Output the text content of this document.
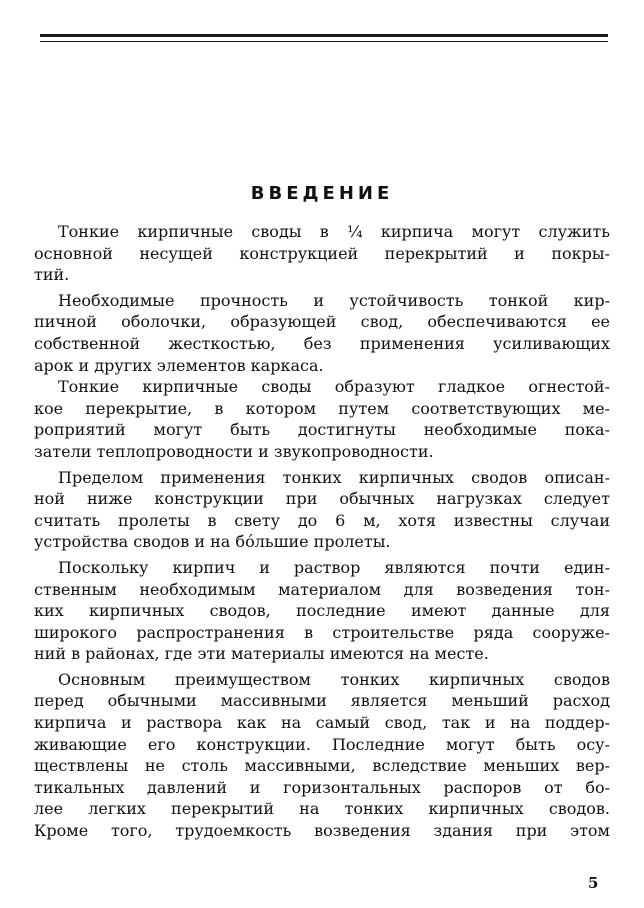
ВВЕДЕНИЕ
Тонкие кирпичные своды в ¼ кирпича могут служить
основной несущей конструкцией перекрытий и покры-
тий.
Необходимые прочность и устойчивость тонкой кир-
пичной оболочки, образующей свод, обеспечиваются ее
собственной жесткостью, без применения усиливающих
арок и других элементов каркаса.
Тонкие кирпичные своды образуют гладкое огнестой-
кое перекрытие, в котором путем соответствующих ме-
роприятий могут быть достигнуты необходимые пока-
затели теплопроводности и звукопроводности.
Пределом применения тонких кирпичных сводов описан-
ной ниже конструкции при обычных нагрузках следует
считать пролеты в свету до 6 м, хотя известны случаи
устройства сводов и на бо́льшие пролеты.
Поскольку кирпич и раствор являются почти един-
ственным необходимым материалом для возведения тон-
ких кирпичных сводов, последние имеют данные для
широкого распространения в строительстве ряда сооруже-
ний в районах, где эти материалы имеются на месте.
Основным преимуществом тонких кирпичных сводов
перед обычными массивными является меньший расход
кирпича и раствора как на самый свод, так и на поддер-
живающие его конструкции. Последние могут быть осу-
ществлены не столь массивными, вследствие меньших вер-
тикальных давлений и горизонтальных распоров от бо-
лее легких перекрытий на тонких кирпичных сводов.
Кроме того, трудоемкость возведения здания при этом

5
